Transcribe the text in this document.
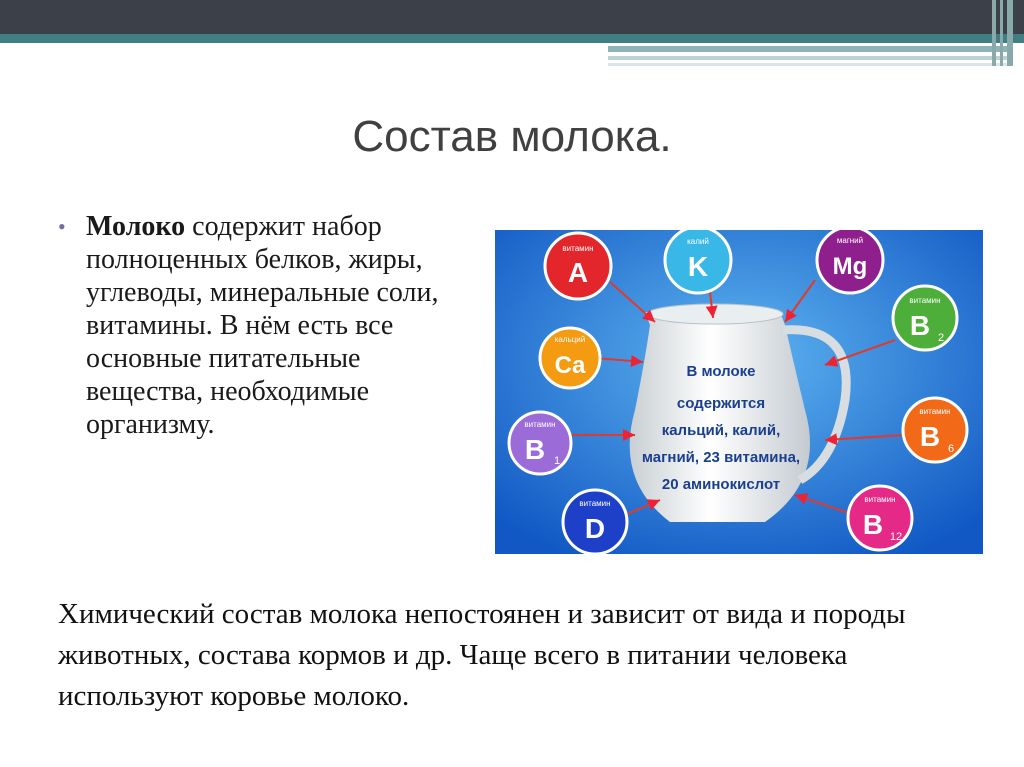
Состав молока.
• Молоко содержит набор полноценных белков, жиры, углеводы, минеральные соли, витамины. В нём есть все основные питательные вещества, необходимые организму.
В молоке
содержится
кальций, калий,
магний, 23 витамина,
20 аминокислот
витамин
A
калий
K
магний
Mg
кальций
Ca
витамин
B 2
витамин
B 1
витамин
B 6
витамин
D
витамин
B 12
Химический состав молока непостоянен и зависит от вида и породы животных, состава кормов и др. Чаще всего в питании человека используют коровье молоко.
